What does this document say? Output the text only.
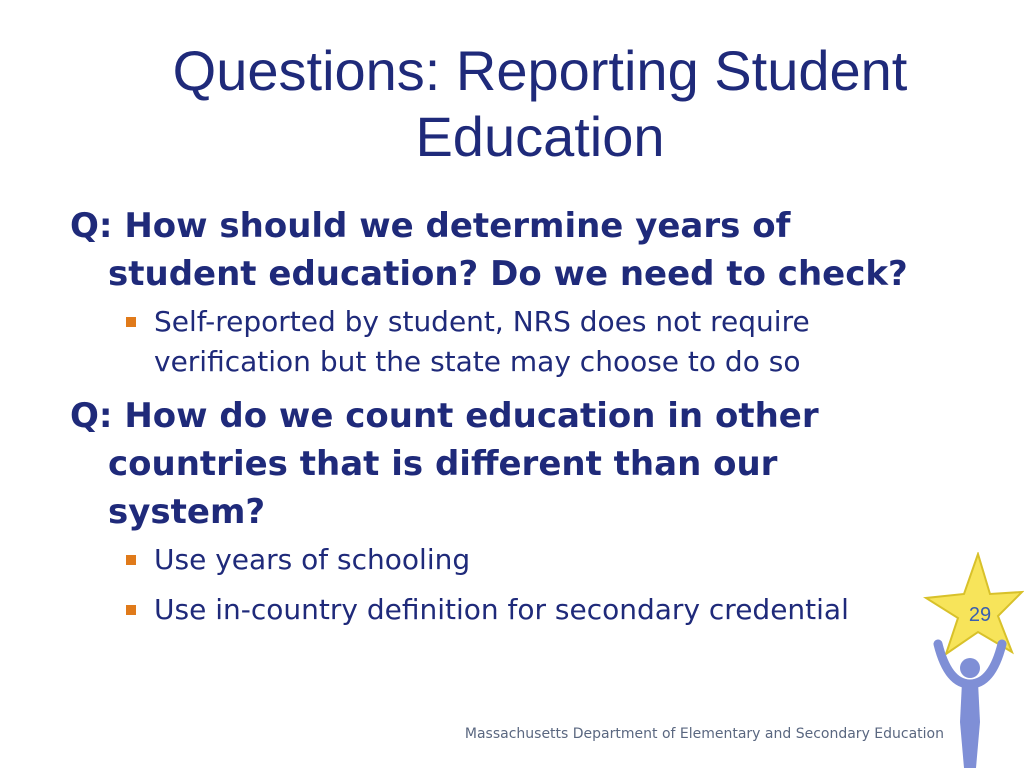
Questions: Reporting Student Education
Q: How should we determine years of student education? Do we need to check?
Self-reported by student, NRS does not require verification but the state may choose to do so
Q: How do we count education in other countries that is different than our system?
Use years of schooling
Use in-country definition for secondary credential	29
Massachusetts Department of Elementary and Secondary Education
